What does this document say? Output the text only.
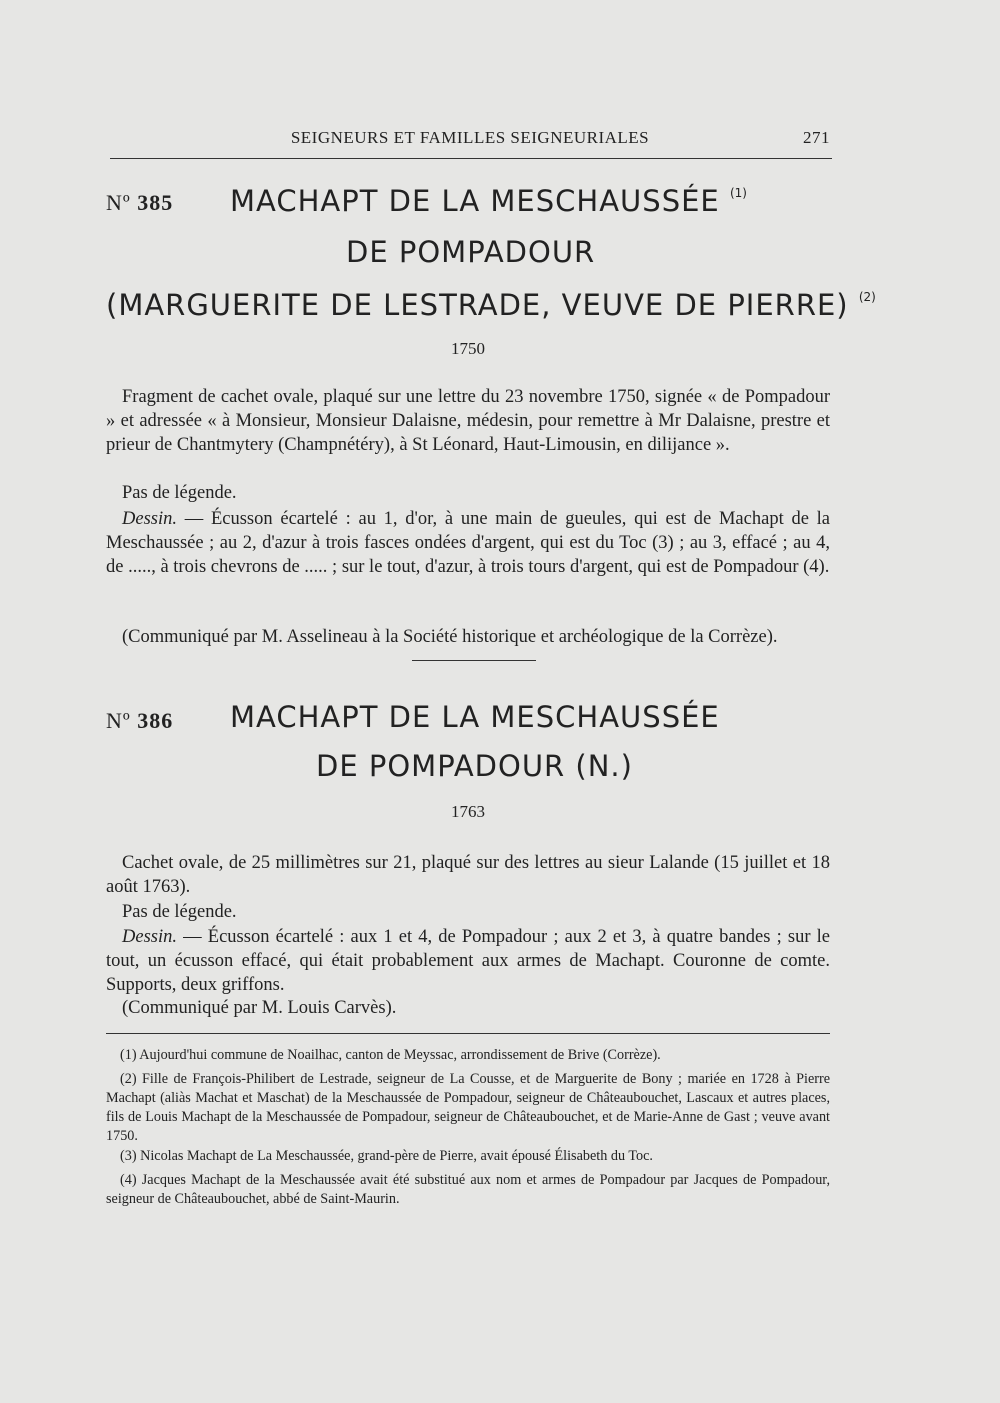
SEIGNEURS ET FAMILLES SEIGNEURIALES	271
Nº 385 MACHAPT DE LA MESCHAUSSÉE $^{(1)}$
DE POMPADOUR
(MARGUERITE DE LESTRADE, VEUVE DE PIERRE) $^{(2)}$
1750
Fragment de cachet ovale, plaqué sur une lettre du 23 novembre 1750, signée « de Pompadour » et adressée « à Monsieur, Monsieur Dalaisne, médesin, pour remettre à Mr Dalaisne, prestre et prieur de Chantmytery (Champnétéry), à St Léonard, Haut-Limousin, en dilijance ».
Pas de légende.
Dessin. — Écusson écartelé : au 1, d'or, à une main de gueules, qui est de Machapt de la Meschaussée ; au 2, d'azur à trois fasces ondées d'argent, qui est du Toc (3) ; au 3, effacé ; au 4, de ....., à trois chevrons de ..... ; sur le tout, d'azur, à trois tours d'argent, qui est de Pompadour (4).
(Communiqué par M. Asselineau à la Société historique et archéologique de la Corrèze).
Nº 386 MACHAPT DE LA MESCHAUSSÉE
DE POMPADOUR (N.)
1763
Cachet ovale, de 25 millimètres sur 21, plaqué sur des lettres au sieur Lalande (15 juillet et 18 août 1763).
Pas de légende.
Dessin. — Écusson écartelé : aux 1 et 4, de Pompadour ; aux 2 et 3, à quatre bandes ; sur le tout, un écusson effacé, qui était probablement aux armes de Machapt. Couronne de comte. Supports, deux griffons.
(Communiqué par M. Louis Carvès).
(1) Aujourd'hui commune de Noailhac, canton de Meyssac, arrondissement de Brive (Corrèze).
(2) Fille de François-Philibert de Lestrade, seigneur de La Cousse, et de Marguerite de Bony ; mariée en 1728 à Pierre Machapt (aliàs Machat et Maschat) de la Meschaussée de Pompadour, seigneur de Châteaubouchet, Lascaux et autres places, fils de Louis Machapt de la Meschaussée de Pompadour, seigneur de Châteaubouchet, et de Marie-Anne de Gast ; veuve avant 1750.
(3) Nicolas Machapt de La Meschaussée, grand-père de Pierre, avait épousé Élisabeth du Toc.
(4) Jacques Machapt de la Meschaussée avait été substitué aux nom et armes de Pompadour par Jacques de Pompadour, seigneur de Châteaubouchet, abbé de Saint-Maurin.
